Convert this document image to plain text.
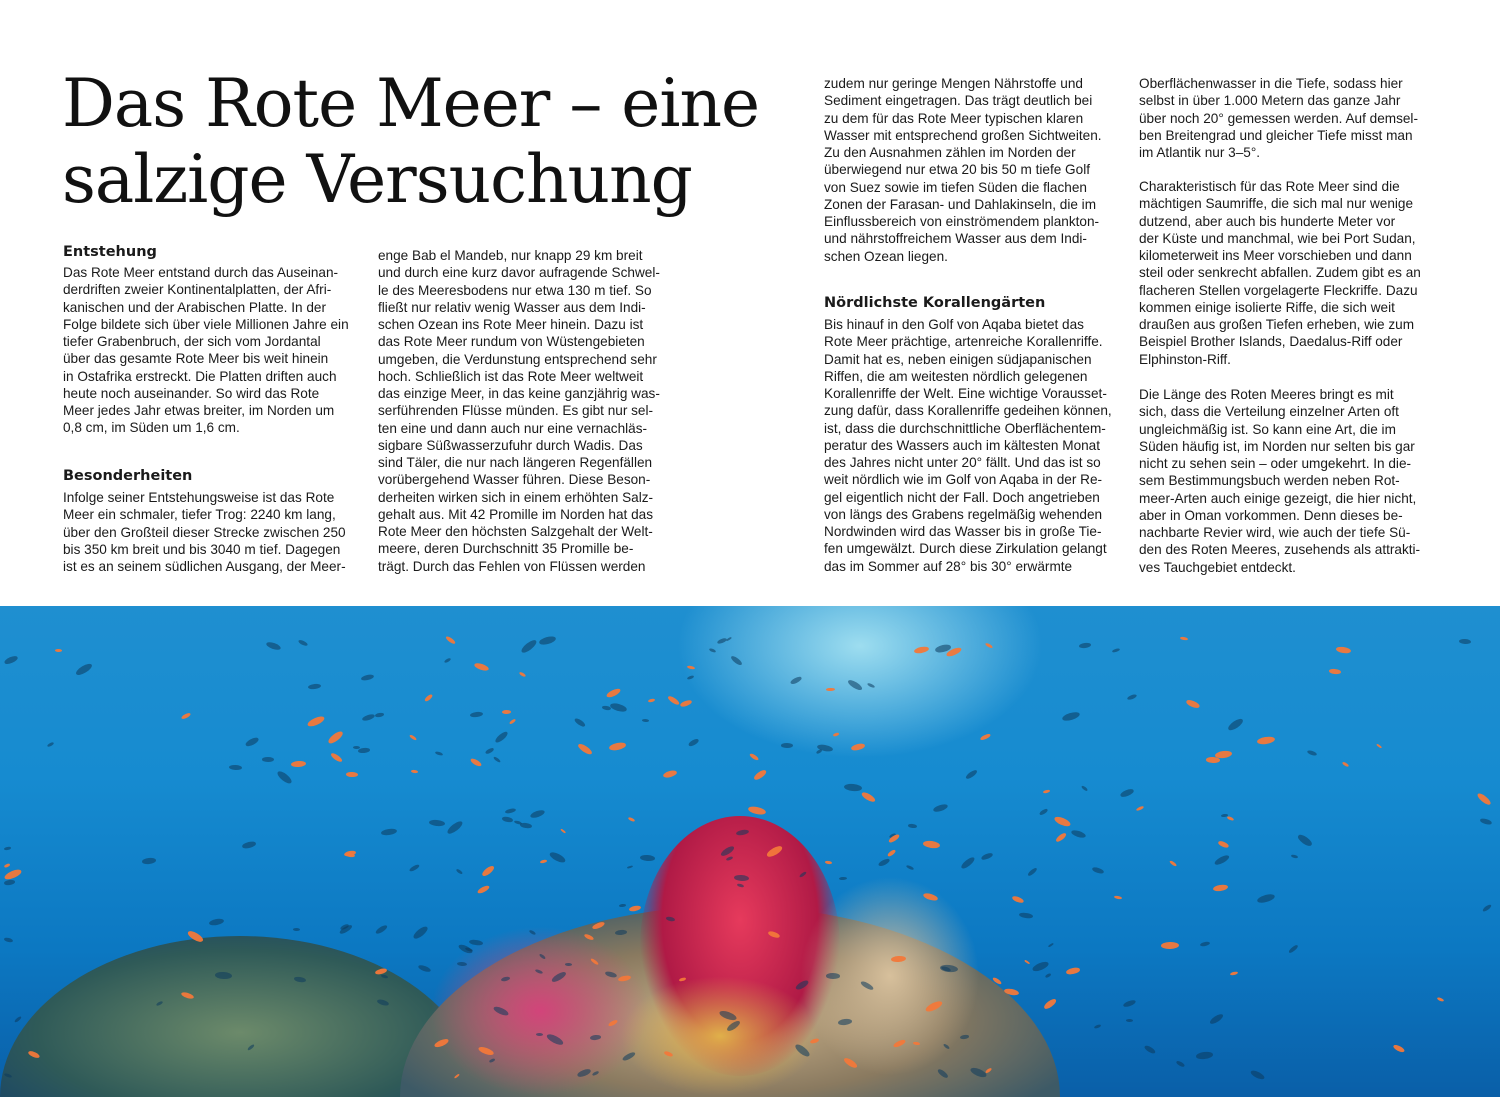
Das Rote Meer – eine
salzige Versuchung
Entstehung
Das Rote Meer entstand durch das Auseinan-
derdriften zweier Kontinentalplatten, der Afri-
kanischen und der Arabischen Platte. In der
Folge bildete sich über viele Millionen Jahre ein
tiefer Grabenbruch, der sich vom Jordantal
über das gesamte Rote Meer bis weit hinein
in Ostafrika erstreckt. Die Platten driften auch
heute noch auseinander. So wird das Rote
Meer jedes Jahr etwas breiter, im Norden um
0,8 cm, im Süden um 1,6 cm.
Besonderheiten
Infolge seiner Entstehungsweise ist das Rote
Meer ein schmaler, tiefer Trog: 2240 km lang,
über den Großteil dieser Strecke zwischen 250
bis 350 km breit und bis 3040 m tief. Dagegen
ist es an seinem südlichen Ausgang, der Meer-
enge Bab el Mandeb, nur knapp 29 km breit
und durch eine kurz davor aufragende Schwel-
le des Meeresbodens nur etwa 130 m tief. So
fließt nur relativ wenig Wasser aus dem Indi-
schen Ozean ins Rote Meer hinein. Dazu ist
das Rote Meer rundum von Wüstengebieten
umgeben, die Verdunstung entsprechend sehr
hoch. Schließlich ist das Rote Meer weltweit
das einzige Meer, in das keine ganzjährig was-
serführenden Flüsse münden. Es gibt nur sel-
ten eine und dann auch nur eine vernachläs-
sigbare Süßwasserzufuhr durch Wadis. Das
sind Täler, die nur nach längeren Regenfällen
vorübergehend Wasser führen. Diese Beson-
derheiten wirken sich in einem erhöhten Salz-
gehalt aus. Mit 42 Promille im Norden hat das
Rote Meer den höchsten Salzgehalt der Welt-
meere, deren Durchschnitt 35 Promille be-
trägt. Durch das Fehlen von Flüssen werden
zudem nur geringe Mengen Nährstoffe und
Sediment eingetragen. Das trägt deutlich bei
zu dem für das Rote Meer typischen klaren
Wasser mit entsprechend großen Sichtweiten.
Zu den Ausnahmen zählen im Norden der
überwiegend nur etwa 20 bis 50 m tiefe Golf
von Suez sowie im tiefen Süden die flachen
Zonen der Farasan- und Dahlakinseln, die im
Einflussbereich von einströmendem plankton-
und nährstoffreichem Wasser aus dem Indi-
schen Ozean liegen.
Nördlichste Korallengärten
Bis hinauf in den Golf von Aqaba bietet das
Rote Meer prächtige, artenreiche Korallenriffe.
Damit hat es, neben einigen südjapanischen
Riffen, die am weitesten nördlich gelegenen
Korallenriffe der Welt. Eine wichtige Vorausset-
zung dafür, dass Korallenriffe gedeihen können,
ist, dass die durchschnittliche Oberflächentem-
peratur des Wassers auch im kältesten Monat
des Jahres nicht unter 20° fällt. Und das ist so
weit nördlich wie im Golf von Aqaba in der Re-
gel eigentlich nicht der Fall. Doch angetrieben
von längs des Grabens regelmäßig wehenden
Nordwinden wird das Wasser bis in große Tie-
fen umgewälzt. Durch diese Zirkulation gelangt
das im Sommer auf 28° bis 30° erwärmte
Oberflächenwasser in die Tiefe, sodass hier
selbst in über 1.000 Metern das ganze Jahr
über noch 20° gemessen werden. Auf demsel-
ben Breitengrad und gleicher Tiefe misst man
im Atlantik nur 3–5°.
Charakteristisch für das Rote Meer sind die
mächtigen Saumriffe, die sich mal nur wenige
dutzend, aber auch bis hunderte Meter vor
der Küste und manchmal, wie bei Port Sudan,
kilometerweit ins Meer vorschieben und dann
steil oder senkrecht abfallen. Zudem gibt es an
flacheren Stellen vorgelagerte Fleckriffe. Dazu
kommen einige isolierte Riffe, die sich weit
draußen aus großen Tiefen erheben, wie zum
Beispiel Brother Islands, Daedalus-Riff oder
Elphinston-Riff.
Die Länge des Roten Meeres bringt es mit
sich, dass die Verteilung einzelner Arten oft
ungleichmäßig ist. So kann eine Art, die im
Süden häufig ist, im Norden nur selten bis gar
nicht zu sehen sein – oder umgekehrt. In die-
sem Bestimmungsbuch werden neben Rot-
meer-Arten auch einige gezeigt, die hier nicht,
aber in Oman vorkommen. Denn dieses be-
nachbarte Revier wird, wie auch der tiefe Sü-
den des Roten Meeres, zusehends als attrakti-
ves Tauchgebiet entdeckt.
